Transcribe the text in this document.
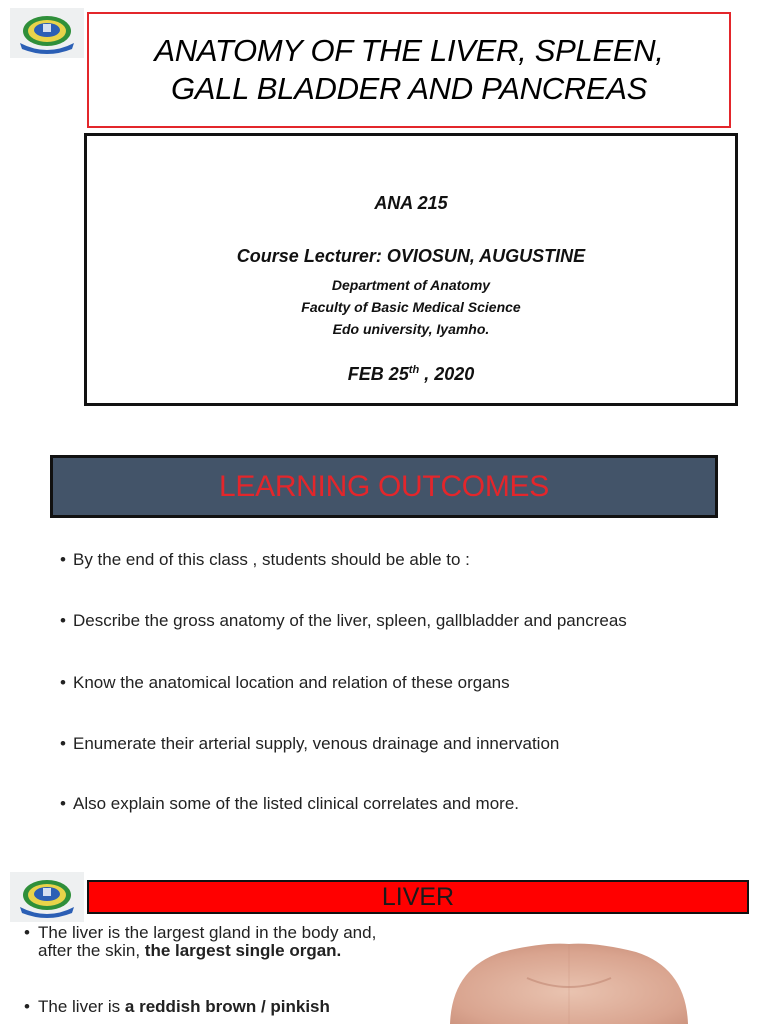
ANATOMY OF THE LIVER, SPLEEN,
GALL BLADDER AND PANCREAS
ANA 215
Course Lecturer: OVIOSUN, AUGUSTINE
Department of Anatomy
Faculty of Basic Medical Science
Edo university, Iyamho.
FEB 25th , 2020
LEARNING OUTCOMES
• By the end of this class , students should be able to :
• Describe the gross anatomy of the liver, spleen, gallbladder and pancreas
• Know the anatomical location and relation of these organs
• Enumerate their arterial supply, venous drainage and innervation
• Also explain some of the listed clinical correlates and more.
LIVER

• The liver is the largest gland in the body and, after the skin, the largest single organ.

• The liver is a reddish brown / pinkish
